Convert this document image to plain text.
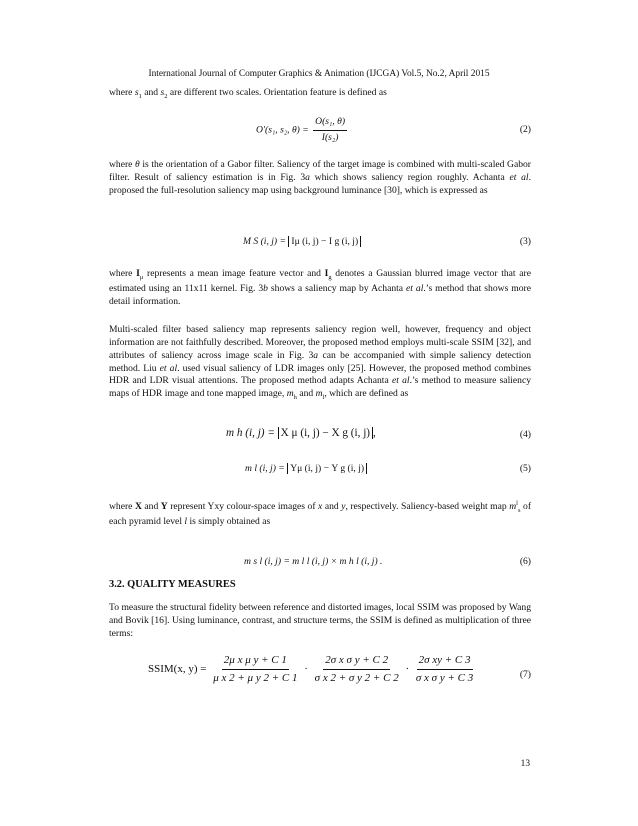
International Journal of Computer Graphics & Animation (IJCGA) Vol.5, No.2, April 2015
where $s_1$ and $s_2$ are different two scales. Orientation feature is defined as
O′(s₁, s₂, $\theta) = \frac{\text{O(s₁, θ)}}{\text{I(s₂)}}$	(2)
where θ is the orientation of a Gabor filter. Saliency of the target image is combined with multi-scaled Gabor filter. Result of saliency estimation is in Fig. 3a which shows saliency region roughly. Achanta et al. proposed the full-resolution saliency map using background luminance [30], which is expressed as
M S (i, j) = Iμ (i, j) − I g (i, j)	(3)
where $I_\mu$ represents a mean image feature vector and $I_g$ denotes a Gaussian blurred image vector that are estimated using an 11x11 kernel. Fig. 3b shows a saliency map by Achanta et al.’s method that shows more detail information.
Multi-scaled filter based saliency map represents saliency region well, however, frequency and object information are not faithfully described. Moreover, the proposed method employs multi-scale SSIM [32], and attributes of saliency across image scale in Fig. 3a can be accompanied with simple saliency detection method. Liu et al. used visual saliency of LDR images only [25]. However, the proposed method combines HDR and LDR visual attentions. The proposed method adapts Achanta et al.’s method to measure saliency maps of HDR image and tone mapped image, $m_h$ and $m_l$, which are defined as
m h (i, j) = X μ (i, j) − X g (i, j) ,	(4)
m l (i, j) = Yμ (i, j) − Y g (i, j)	(5)
where X and Y represent Yxy colour-space images of x and y, respectively. Saliency-based weight map $m^l_s$ of each pyramid level l is simply obtained as
m s l (i, j) = m l l (i, j) × m h l (i, j) .	(6)
3.2. QUALITY MEASURES
To measure the structural fidelity between reference and distorted images, local SSIM was proposed by Wang and Bovik [16]. Using luminance, contrast, and structure terms, the SSIM is defined as multiplication of three terms:
SSIM(x, $y) = \frac{\text{2μ x μ y + C 1}}{\text{μ x 2 + μ y 2 + C 1}} \cdot \frac{\text{2σ x σ y + C 2}}{\text{σ x 2 + σ y 2 + C 2}} \cdot \frac{\text{2σ xy + C 3}}{\text{σ x σ y + C 3}}$	(7)
13
